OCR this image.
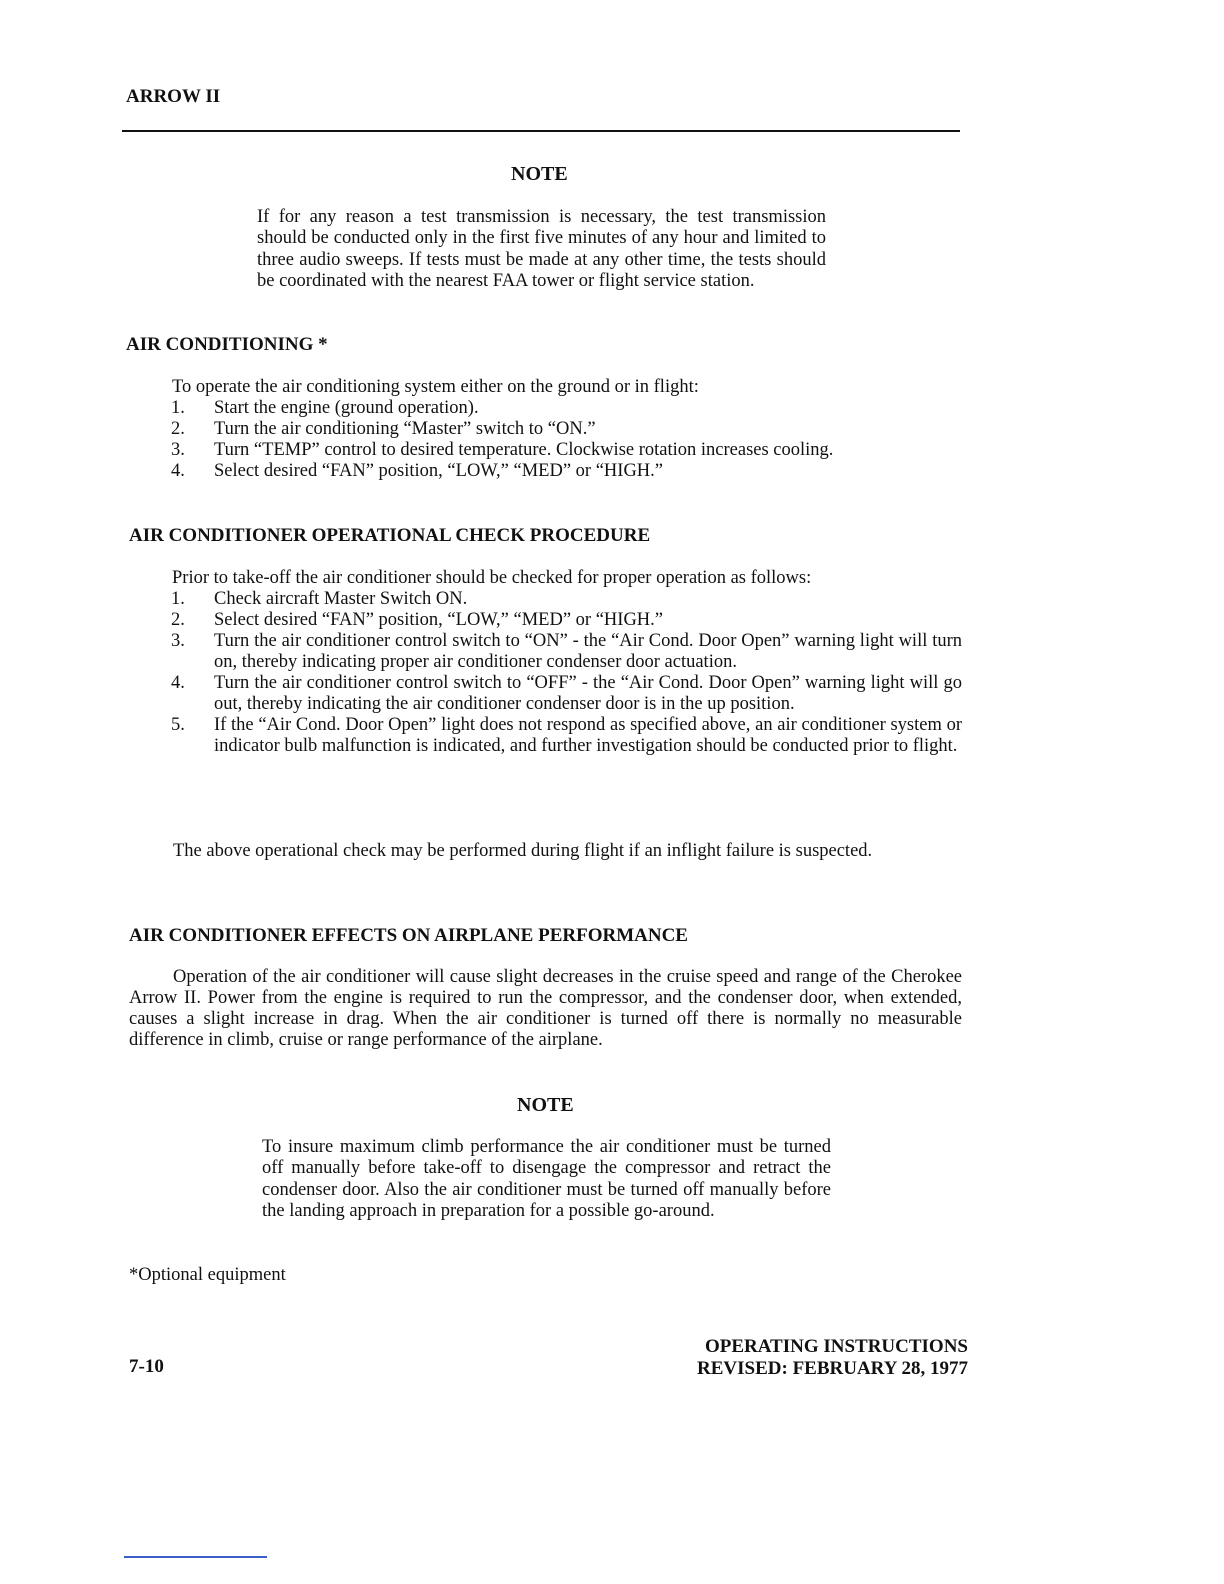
ARROW II
NOTE
If for any reason a test transmission is necessary, the test transmission should be conducted only in the first five minutes of any hour and limited to three audio sweeps. If tests must be made at any other time, the tests should be coordinated with the nearest FAA tower or flight service station.
AIR CONDITIONING *
To operate the air conditioning system either on the ground or in flight:
1.	Start the engine (ground operation).
2.	Turn the air conditioning “Master” switch to “ON.”
3.	Turn “TEMP” control to desired temperature. Clockwise rotation increases cooling.
4.	Select desired “FAN” position, “LOW,” “MED” or “HIGH.”
AIR CONDITIONER OPERATIONAL CHECK PROCEDURE
Prior to take-off the air conditioner should be checked for proper operation as follows:
1.	Check aircraft Master Switch ON.
2.	Select desired “FAN” position, “LOW,” “MED” or “HIGH.”
3.	Turn the air conditioner control switch to “ON” - the “Air Cond. Door Open” warning light will turn on, thereby indicating proper air conditioner condenser door actuation.
4.	Turn the air conditioner control switch to “OFF” - the “Air Cond. Door Open” warning light will go out, thereby indicating the air conditioner condenser door is in the up position.
5.	If the “Air Cond. Door Open” light does not respond as specified above, an air conditioner system or indicator bulb malfunction is indicated, and further investigation should be conducted prior to flight.
The above operational check may be performed during flight if an inflight failure is suspected.
AIR CONDITIONER EFFECTS ON AIRPLANE PERFORMANCE
Operation of the air conditioner will cause slight decreases in the cruise speed and range of the Cherokee Arrow II. Power from the engine is required to run the compressor, and the condenser door, when extended, causes a slight increase in drag. When the air conditioner is turned off there is normally no measurable difference in climb, cruise or range performance of the airplane.
NOTE
To insure maximum climb performance the air conditioner must be turned off manually before take-off to disengage the compressor and retract the condenser door. Also the air conditioner must be turned off manually before the landing approach in preparation for a possible go-around.
*Optional equipment
7-10
OPERATING INSTRUCTIONS
REVISED: FEBRUARY 28, 1977
